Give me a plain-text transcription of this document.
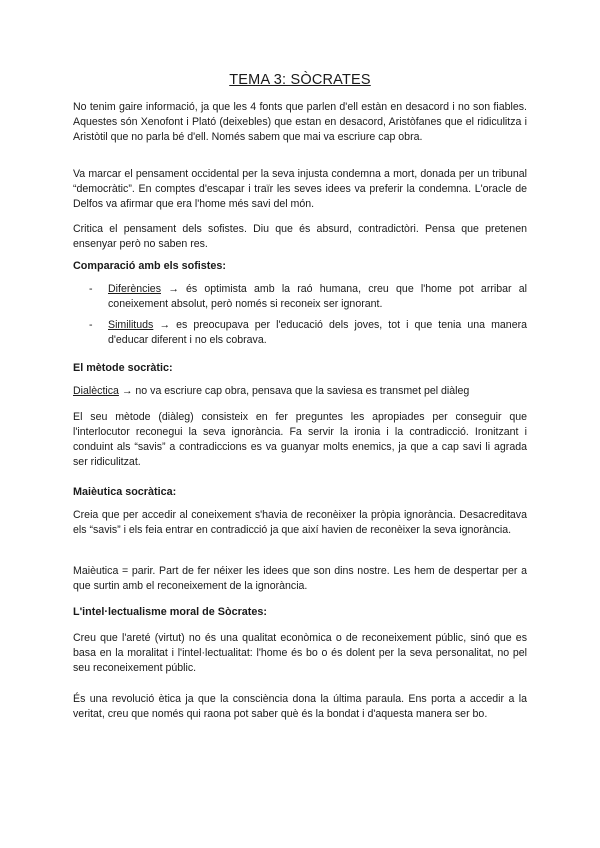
TEMA 3: SÒCRATES
No tenim gaire informació, ja que les 4 fonts que parlen d'ell estàn en desacord i no son fiables. Aquestes són Xenofont i Plató (deixebles) que estan en desacord, Aristòfanes que el ridiculitza i Aristòtil que no parla bé d'ell. Només sabem que mai va escriure cap obra.
Va marcar el pensament occidental per la seva injusta condemna a mort, donada per un tribunal “democràtic”. En comptes d'escapar i traïr les seves idees va preferir la condemna. L'oracle de Delfos va afirmar que era l'home més savi del món.
Critica el pensament dels sofistes. Diu que és absurd, contradictòri. Pensa que pretenen ensenyar però no saben res.
Comparació amb els sofistes:
- Diferències → és optimista amb la raó humana, creu que l'home pot arribar al coneixement absolut, però només si reconeix ser ignorant.
- Similituds → es preocupava per l'educació dels joves, tot i que tenia una manera d'educar diferent i no els cobrava.
El mètode socràtic:
Dialèctica → no va escriure cap obra, pensava que la saviesa es transmet pel diàleg
El seu mètode (diàleg) consisteix en fer preguntes les apropiades per conseguir que l'interlocutor reconegui la seva ignorància. Fa servir la ironia i la contradicció. Ironitzant i conduint als “savis” a contradiccions es va guanyar molts enemics, ja que a cap savi li agrada ser ridiculitzat.
Maièutica socràtica:
Creia que per accedir al coneixement s'havia de reconèixer la pròpia ignorància. Desacreditava els “savis” i els feia entrar en contradicció ja que així havien de reconèixer la seva ignorància.
Maièutica = parir. Part de fer néixer les idees que son dins nostre. Les hem de despertar per a que surtin amb el reconeixement de la ignorància.
L'intel·lectualisme moral de Sòcrates:
Creu que l'areté (virtut) no és una qualitat econòmica o de reconeixement públic, sinó que es basa en la moralitat i l'intel·lectualitat: l'home és bo o és dolent per la seva personalitat, no pel seu reconeixement públic.
És una revolució ètica ja que la consciència dona la última paraula. Ens porta a accedir a la veritat, creu que només qui raona pot saber què és la bondat i d'aquesta manera ser bo.
